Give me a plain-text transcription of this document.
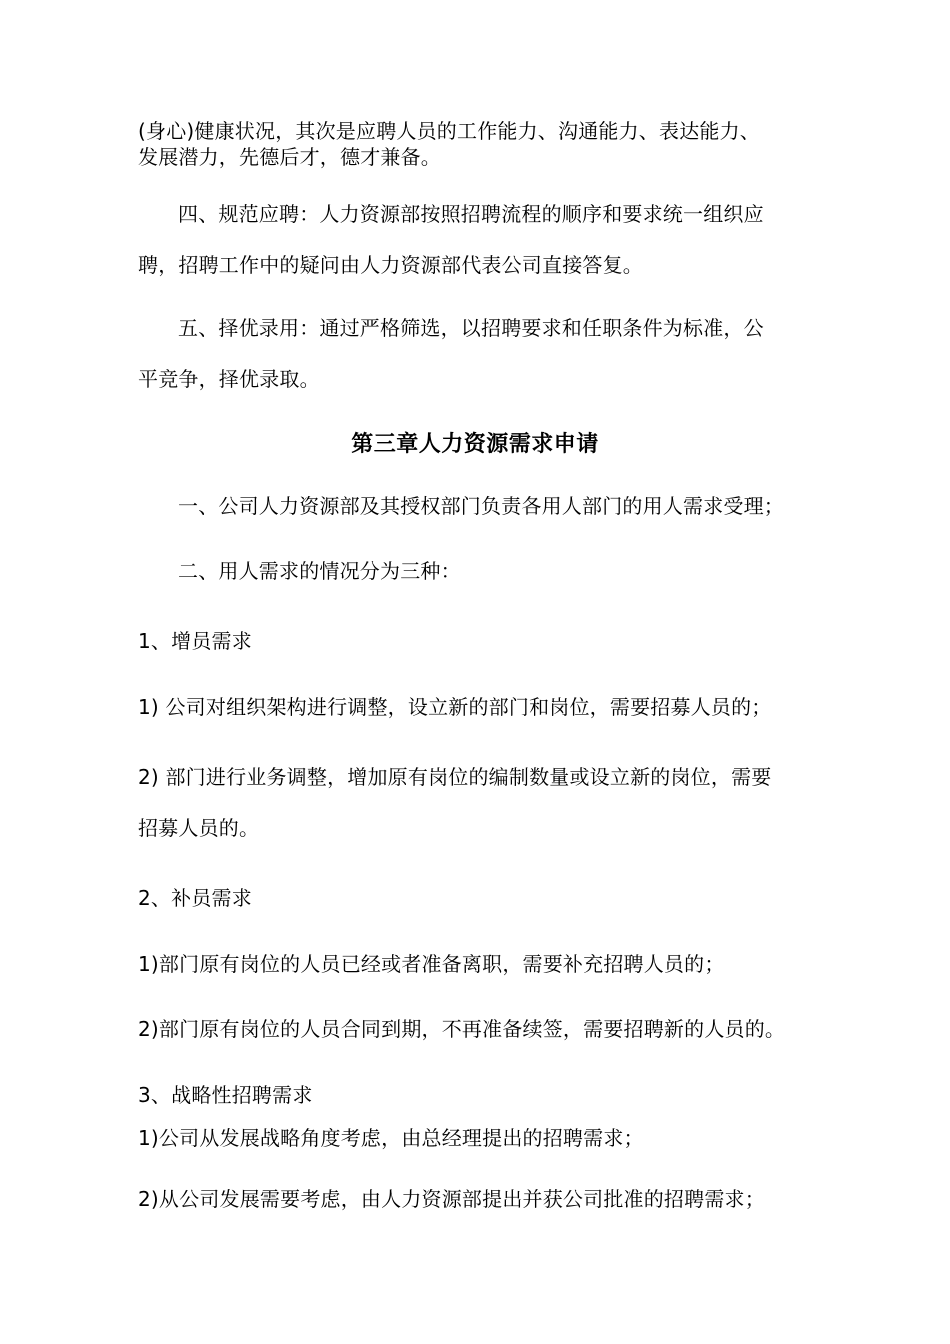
(身心)健康状况，其次是应聘人员的工作能力、沟通能力、表达能力、
发展潜力，先德后才，德才兼备。
四、规范应聘：人力资源部按照招聘流程的顺序和要求统一组织应
聘，招聘工作中的疑问由人力资源部代表公司直接答复。
五、择优录用：通过严格筛选，以招聘要求和任职条件为标准，公
平竞争，择优录取。
第三章人力资源需求申请
一、公司人力资源部及其授权部门负责各用人部门的用人需求受理；
二、用人需求的情况分为三种：
1、增员需求
1) 公司对组织架构进行调整，设立新的部门和岗位，需要招募人员的；
2) 部门进行业务调整，增加原有岗位的编制数量或设立新的岗位，需要
招募人员的。
2、补员需求
1)部门原有岗位的人员已经或者准备离职，需要补充招聘人员的；
2)部门原有岗位的人员合同到期，不再准备续签，需要招聘新的人员的。
3、战略性招聘需求
1)公司从发展战略角度考虑，由总经理提出的招聘需求；
2)从公司发展需要考虑，由人力资源部提出并获公司批准的招聘需求；
